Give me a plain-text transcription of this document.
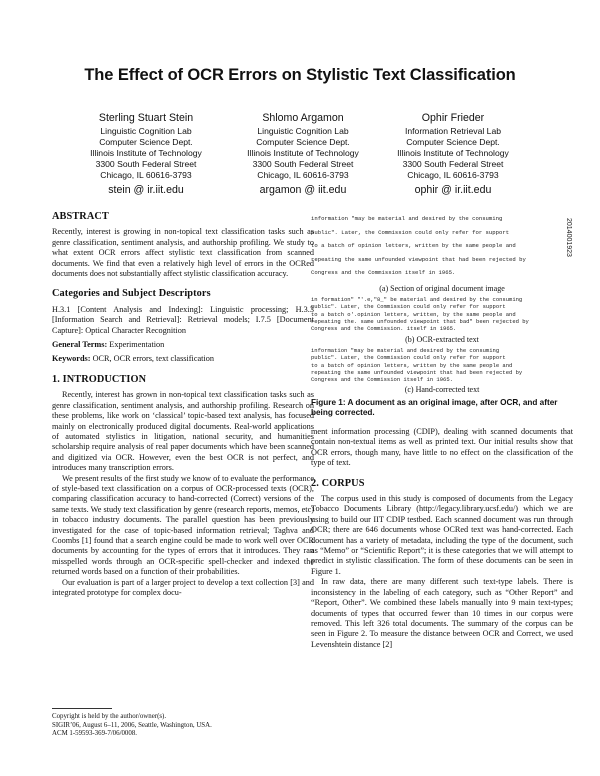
The Effect of OCR Errors on Stylistic Text Classification
Sterling Stuart Stein
Linguistic Cognition Lab
Computer Science Dept.
Illinois Institute of Technology
3300 South Federal Street
Chicago, IL 60616-3793
stein @ ir.iit.edu
Shlomo Argamon
Linguistic Cognition Lab
Computer Science Dept.
Illinois Institute of Technology
3300 South Federal Street
Chicago, IL 60616-3793
argamon @ iit.edu
Ophir Frieder
Information Retrieval Lab
Computer Science Dept.
Illinois Institute of Technology
3300 South Federal Street
Chicago, IL 60616-3793
ophir @ ir.iit.edu
ABSTRACT

Recently, interest is growing in non-topical text classification tasks such as genre classification, sentiment analysis, and authorship profiling. We study to what extent OCR errors affect stylistic text classification from scanned documents. We find that even a relatively high level of errors in the OCRed documents does not substantially affect stylistic classification accuracy.

Categories and Subject Descriptors

H.3.1 [Content Analysis and Indexing]: Linguistic processing; H.3.3 [Information Search and Retrieval]: Retrieval models; I.7.5 [Document Capture]: Optical Character Recognition

General Terms: Experimentation

Keywords: OCR, OCR errors, text classification

1. INTRODUCTION

Recently, interest has grown in non-topical text classification tasks such as genre classification, sentiment analysis, and authorship profiling. Research on these problems, like work on ‘classical’ topic-based text analysis, has focused mainly on electronically produced digital documents. Real-world applications of automated stylistics in litigation, national security, and humanities scholarship require analysis of real paper documents which have been scanned and digitized via OCR. However, even the best OCR is not perfect, and introduces many transcription errors.

We present results of the first study we know of to evaluate the performance of style-based text classification on a corpus of OCR-processed texts (OCR), comparing classification accuracy to hand-corrected (Correct) versions of the same texts. We study text classification by genre (research reports, memos, etc) in tobacco industry documents. The parallel question has been previously investigated for the case of topic-based information retrieval; Taghva and Coombs [1] found that a search engine could be made to work well over OCR documents by accounting for the types of errors that it introduces. They ran misspelled words through an OCR-specific spell-checker and indexed the returned words based on a function of their probabilities.

Our evaluation is part of a larger project to develop a text collection [3] and integrated prototype for complex docu-

Copyright is held by the author/owner(s).
SIGIR’06, August 6–11, 2006, Seattle, Washington, USA.
ACM 1-59593-369-7/06/0008.
information "may be material and desired by the consuming
public". Later, the Commission could only refer for support
to a batch of opinion letters, written by the same people and
repeating the same unfounded viewpoint that had been rejected by
Congress and the Commission itself in 1965.
2014001923
(a) Section of original document image
in formation" "'.e,"8_" be material and desired by the consuming
public". Later, the Commission could only refer for support
to a batch o'.opinion letters, written, by the same people and
repeating the. same unfounded viewpoint that bad" been rejected by
Congress and the Commission. itself in 1965.
(b) OCR-extracted text
information "may be material and desired by the consuming
public". Later, the Commission could only refer for support
to a batch of opinion letters, written by the same people and
repeating the same unfounded viewpoint that had been rejected by
Congress and the Commission itself in 1965.
(c) Hand-corrected text
Figure 1: A document as an original image, after OCR, and after being corrected.

ment information processing (CDIP), dealing with scanned documents that contain non-textual items as well as printed text. Our initial results show that OCR errors, though many, have little to no effect on the classification of the type of text.

2. CORPUS

The corpus used in this study is composed of documents from the Legacy Tobacco Documents Library (http://legacy.library.ucsf.edu/) which we are using to build our IIT CDIP testbed. Each scanned document was run through OCR; there are 646 documents whose OCRed text was hand-corrected. Each document has a variety of metadata, including the type of the document, such as “Memo” or “Scientific Report”; it is these categories that we will attempt to predict in stylistic classification. The form of these documents can be seen in Figure 1.

In raw data, there are many different such text-type labels. There is inconsistency in the labeling of each category, such as “Other Report” and “Report, Other”. We combined these labels manually into 9 main text-types; documents of types that occurred fewer than 10 times in our corpus were removed. This left 326 total documents. The summary of the corpus can be seen in Figure 2. To measure the distance between OCR and Correct, we used Levenshtein distance [2]
